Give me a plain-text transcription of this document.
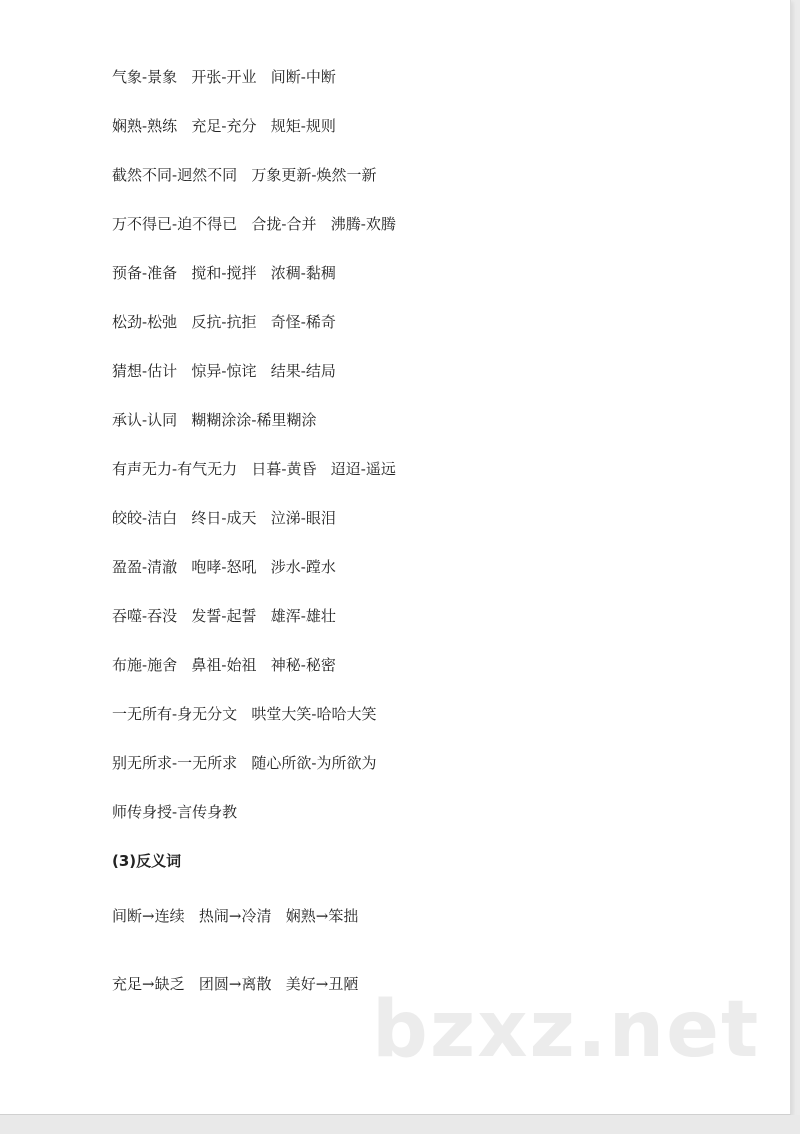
气象-景象   开张-开业   间断-中断
娴熟-熟练   充足-充分   规矩-规则
截然不同-迥然不同   万象更新-焕然一新
万不得已-迫不得已   合拢-合并   沸腾-欢腾
预备-准备   搅和-搅拌   浓稠-黏稠
松劲-松弛   反抗-抗拒   奇怪-稀奇
猜想-估计   惊异-惊诧   结果-结局
承认-认同   糊糊涂涂-稀里糊涂
有声无力-有气无力   日暮-黄昏   迢迢-遥远
皎皎-洁白   终日-成天   泣涕-眼泪
盈盈-清澈   咆哮-怒吼   涉水-蹚水
吞噬-吞没   发誓-起誓   雄浑-雄壮
布施-施舍   鼻祖-始祖   神秘-秘密
一无所有-身无分文   哄堂大笑-哈哈大笑
别无所求-一无所求   随心所欲-为所欲为
师传身授-言传身教
(3)反义词
间断→连续   热闹→冷清   娴熟→笨拙
充足→缺乏   团圆→离散   美好→丑陋
bzxz.net
